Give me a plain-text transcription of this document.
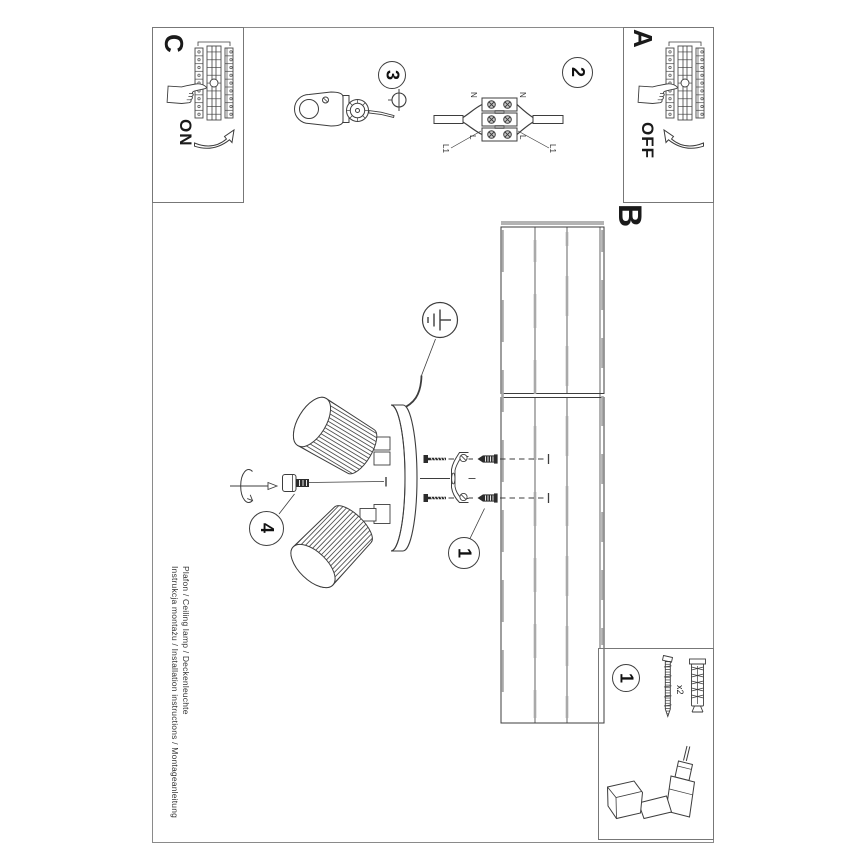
C
ON
A
OFF
B
2
3
4
1
1
N	N
L	L
L1	L1
x2
Plafon / Ceiling lamp / Deckenleuchte
Instrukcja montażu / Installation instructions / Montageanleitung
